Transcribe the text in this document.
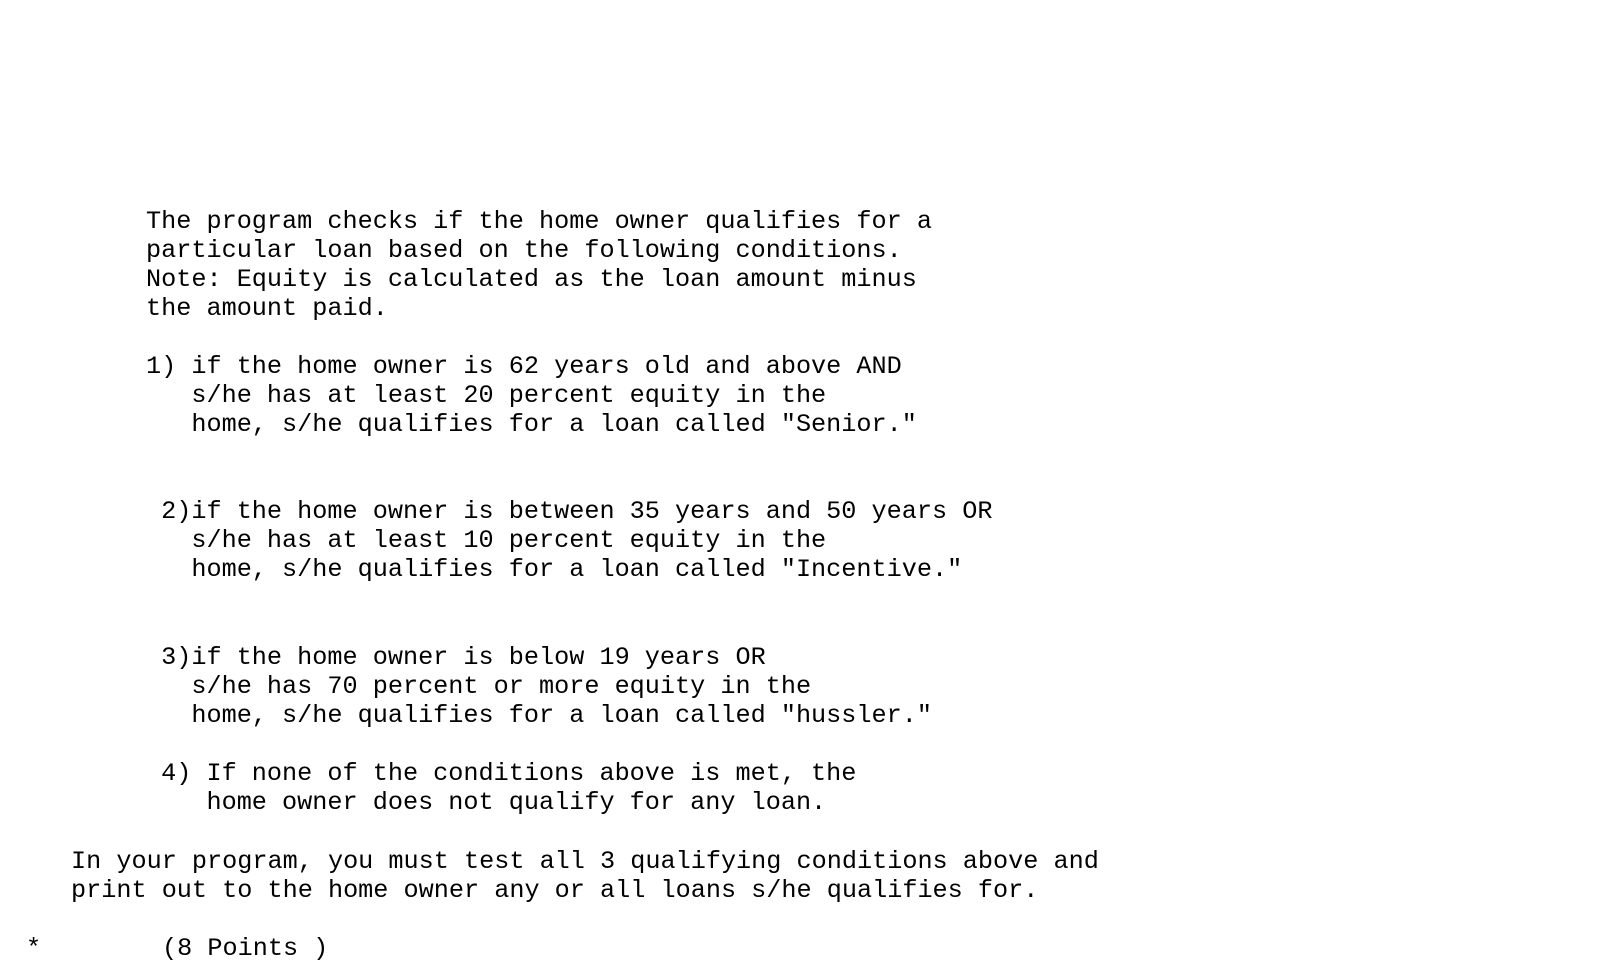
The program checks if the home owner qualifies for a

particular loan based on the following conditions.

Note: Equity is calculated as the loan amount minus

the amount paid.

1) if the home owner is 62 years old and above AND

s/he has at least 20 percent equity in the

home, s/he qualifies for a loan called "Senior."

2)if the home owner is between 35 years and 50 years OR

s/he has at least 10 percent equity in the

home, s/he qualifies for a loan called "Incentive."

3)if the home owner is below 19 years OR

s/he has 70 percent or more equity in the

home, s/he qualifies for a loan called "hussler."

4) If none of the conditions above is met, the

home owner does not qualify for any loan.

In your program, you must test all 3 qualifying conditions above and

print out to the home owner any or all loans s/he qualifies for.

*        (8 Points )
